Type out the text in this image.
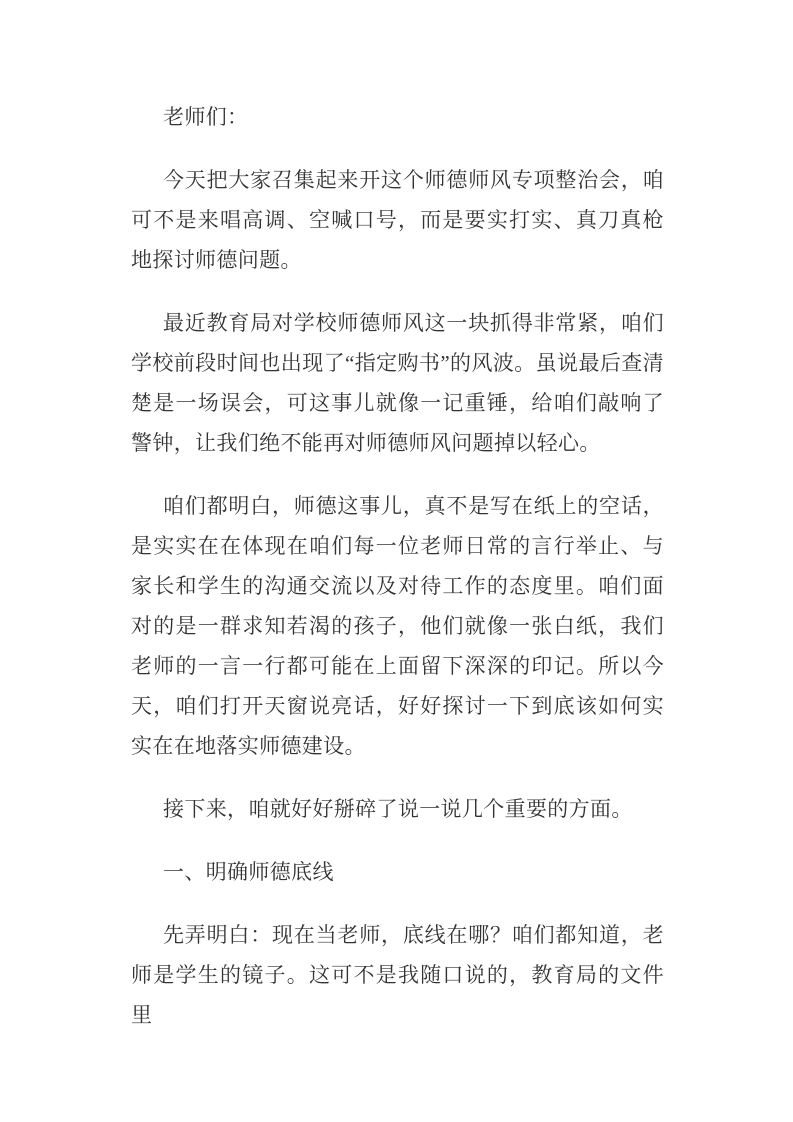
老师们：

今天把大家召集起来开这个师德师风专项整治会，咱可不是来唱高调、空喊口号，而是要实打实、真刀真枪地探讨师德问题。

最近教育局对学校师德师风这一块抓得非常紧，咱们学校前段时间也出现了“指定购书”的风波。虽说最后查清楚是一场误会，可这事儿就像一记重锤，给咱们敲响了警钟，让我们绝不能再对师德师风问题掉以轻心。

咱们都明白，师德这事儿，真不是写在纸上的空话，是实实在在体现在咱们每一位老师日常的言行举止、与家长和学生的沟通交流以及对待工作的态度里。咱们面对的是一群求知若渴的孩子，他们就像一张白纸，我们老师的一言一行都可能在上面留下深深的印记。所以今天，咱们打开天窗说亮话，好好探讨一下到底该如何实实在在地落实师德建设。

接下来，咱就好好掰碎了说一说几个重要的方面。

一、明确师德底线

先弄明白：现在当老师，底线在哪？咱们都知道，老师是学生的镜子。这可不是我随口说的，教育局的文件里
